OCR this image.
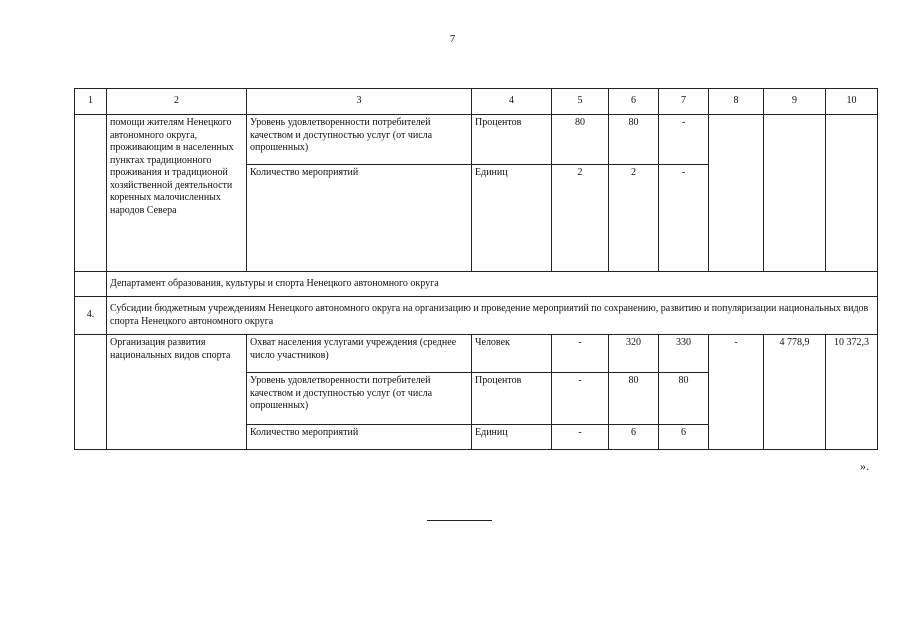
7
1	2	3	4	5	6	7	8	9	10
	помощи жителям Ненецкого автономного округа, проживающим в населенных пунктах традиционного проживания и традиционой хозяйственной деятельности коренных малочисленных народов Севера	Уровень удовлетворенности потребителей качеством и доступностью услуг (от числа опрошенных)	Процентов	80	80	-			
		Количество мероприятий	Единиц	2	2	-			
	Департамент образования, культуры и спорта Ненецкого автономного округа								
4.	Субсидии бюджетным учреждениям Ненецкого автономного округа на организацию и проведение мероприятий по сохранению, развитию и популяризации национальных видов спорта Ненецкого автономного округа								
	Организация развития национальных видов спорта	Охват населения услугами учреждения (среднее число участников)	Человек	-	320	330	-	4 778,9	10 372,3
		Уровень удовлетворенности потребителей качеством и доступностью услуг (от числа опрошенных)	Процентов	-	80	80			
		Количество мероприятий	Единиц	-	6	6			
».
